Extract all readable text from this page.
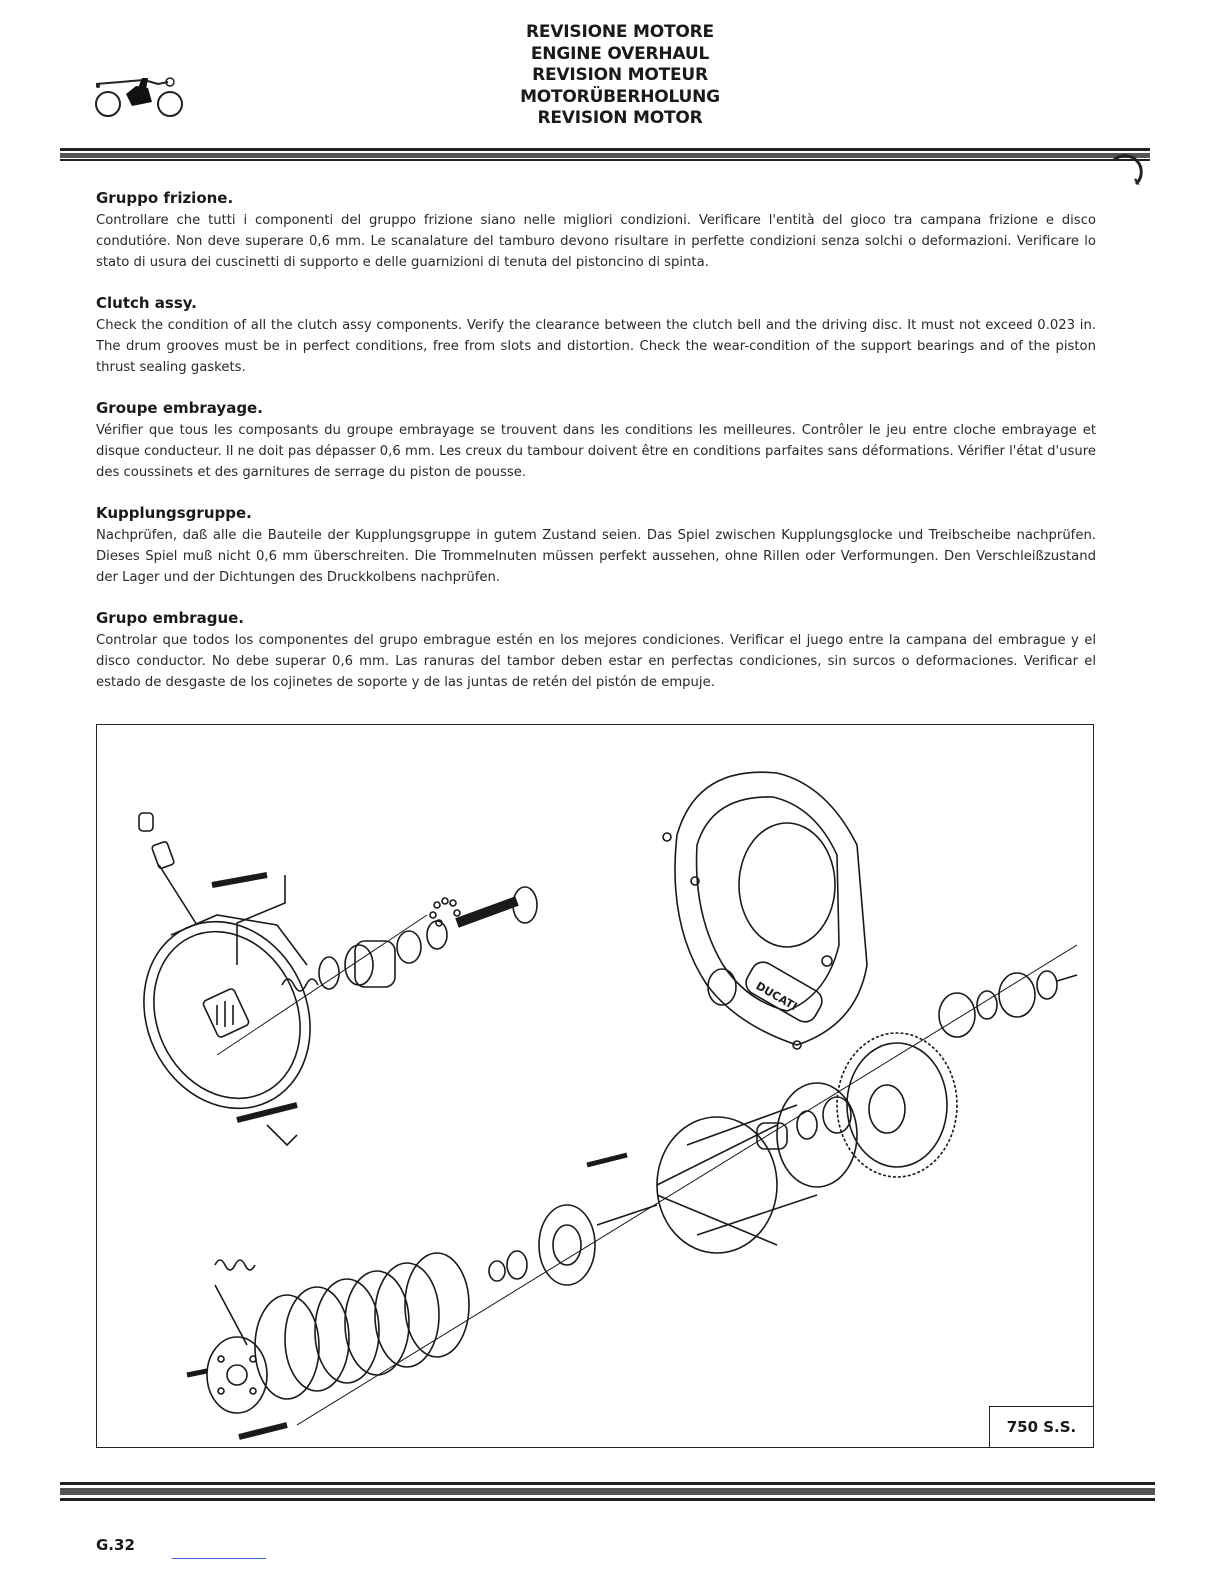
REVISIONE MOTORE
ENGINE OVERHAUL
REVISION MOTEUR
MOTORÜBERHOLUNG
REVISION MOTOR
Gruppo frizione.

Controllare che tutti i componenti del gruppo frizione siano nelle migliori condizioni. Verificare l'entità del gioco tra campana frizione e disco condutióre. Non deve superare 0,6 mm. Le scanalature del tamburo devono risultare in perfette condizioni senza solchi o deformazioni. Verificare lo stato di usura dei cuscinetti di supporto e delle guarnizioni di tenuta del pistoncino di spinta.

Clutch assy.

Check the condition of all the clutch assy components. Verify the clearance between the clutch bell and the driving disc. It must not exceed 0.023 in. The drum grooves must be in perfect conditions, free from slots and distortion. Check the wear-condition of the support bearings and of the piston thrust sealing gaskets.

Groupe embrayage.

Vérifier que tous les composants du groupe embrayage se trouvent dans les conditions les meilleures. Contrôler le jeu entre cloche embrayage et disque conducteur. Il ne doit pas dépasser 0,6 mm. Les creux du tambour doivent être en conditions parfaites sans déformations. Vérifier l'état d'usure des coussinets et des garnitures de serrage du piston de pousse.

Kupplungsgruppe.

Nachprüfen, daß alle die Bauteile der Kupplungsgruppe in gutem Zustand seien. Das Spiel zwischen Kupplungsglocke und Treibscheibe nachprüfen. Dieses Spiel muß nicht 0,6 mm überschreiten. Die Trommelnuten müssen perfekt aussehen, ohne Rillen oder Verformungen. Den Verschleißzustand der Lager und der Dichtungen des Druckkolbens nachprüfen.

Grupo embrague.

Controlar que todos los componentes del grupo embrague estén en los mejores condiciones. Verificar el juego entre la campana del embrague y el disco conductor. No debe superar 0,6 mm. Las ranuras del tambor deben estar en perfectas condiciones, sin surcos o deformaciones. Verificar el estado de desgaste de los cojinetes de soporte y de las juntas de retén del pistón de empuje.

DUCATI
750 S.S.
G.32
